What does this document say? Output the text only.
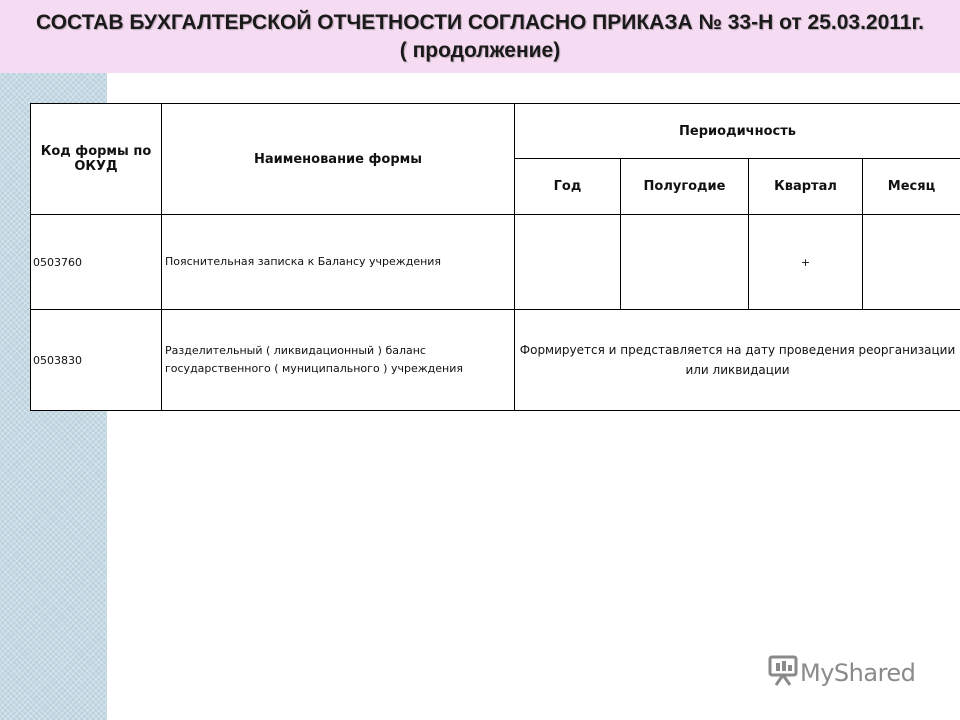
СОСТАВ БУХГАЛТЕРСКОЙ ОТЧЕТНОСТИ СОГЛАСНО ПРИКАЗА № 33-Н от 25.03.2011г. ( продолжение)
Код формы по ОКУД	Наименование формы	Периодичность			
		Год	Полугодие	Квартал	Месяц
0503760	Пояснительная записка к Балансу учреждения			+	
0503830	Разделительный ( ликвидационный ) баланс государственного ( муниципального ) учреждения	Формируется и представляется на дату проведения реорганизации или ликвидации			
MyShared
